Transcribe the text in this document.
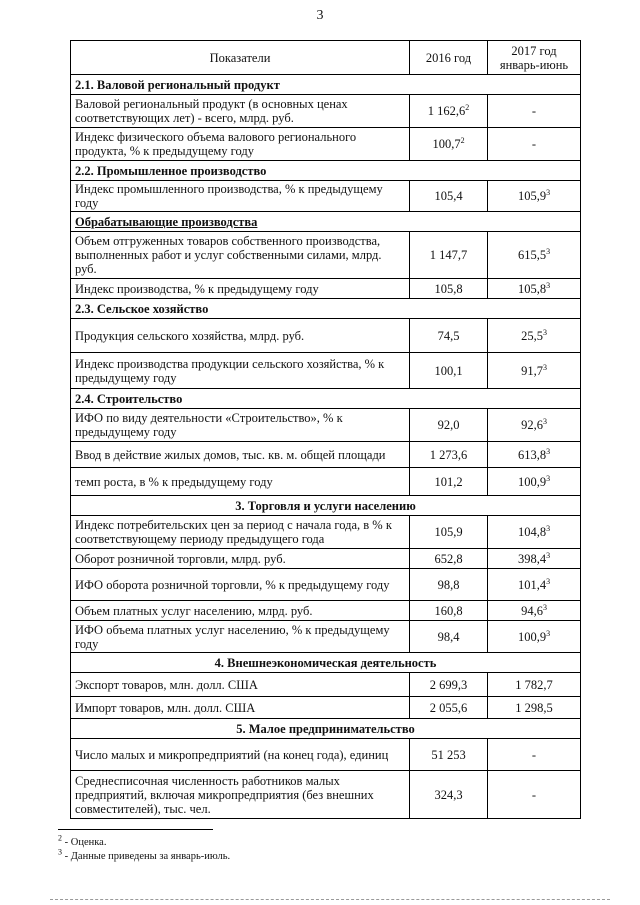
3
Показатели	2016 год	2017 год январь-июнь
2.1. Валовой региональный продукт		
Валовой региональный продукт (в основных ценах соответствующих лет) - всего, млрд. руб.	1 162,6$^2$	-
Индекс физического объема валового регионального продукта, % к предыдущему году	100,7$^2$	-
2.2. Промышленное производство		
Индекс промышленного производства, % к предыдущему году	105,4	105,9$^3$
Обрабатывающие производства		
Объем отгруженных товаров собственного производства, выполненных работ и услуг собственными силами, млрд. руб.	1 147,7	615,5$^3$
Индекс производства, % к предыдущему году	105,8	105,8$^3$
2.3. Сельское хозяйство		
Продукция сельского хозяйства, млрд. руб.	74,5	25,5$^3$
Индекс производства продукции сельского хозяйства, % к предыдущему году	100,1	91,7$^3$
2.4. Строительство		
ИФО по виду деятельности «Строительство», % к предыдущему году	92,0	92,6$^3$
Ввод в действие жилых домов, тыс. кв. м. общей площади	1 273,6	613,8$^3$
темп роста, в % к предыдущему году	101,2	100,9$^3$
3. Торговля и услуги населению		
Индекс потребительских цен за период с начала года, в % к соответствующему периоду предыдущего года	105,9	104,8$^3$
Оборот розничной торговли, млрд. руб.	652,8	398,4$^3$
ИФО оборота розничной торговли, % к предыдущему году	98,8	101,4$^3$
Объем платных услуг населению, млрд. руб.	160,8	94,6$^3$
ИФО объема платных услуг населению, % к предыдущему году	98,4	100,9$^3$
4. Внешнеэкономическая деятельность		
Экспорт товаров, млн. долл. США	2 699,3	1 782,7
Импорт товаров, млн. долл. США	2 055,6	1 298,5
5. Малое предпринимательство		
Число малых и микропредприятий (на конец года), единиц	51 253	-
Среднесписочная численность работников малых предприятий, включая микропредприятия (без внешних совместителей), тыс. чел.	324,3	-
$^2$ - Оценка.
$^3$ - Данные приведены за январь-июль.
